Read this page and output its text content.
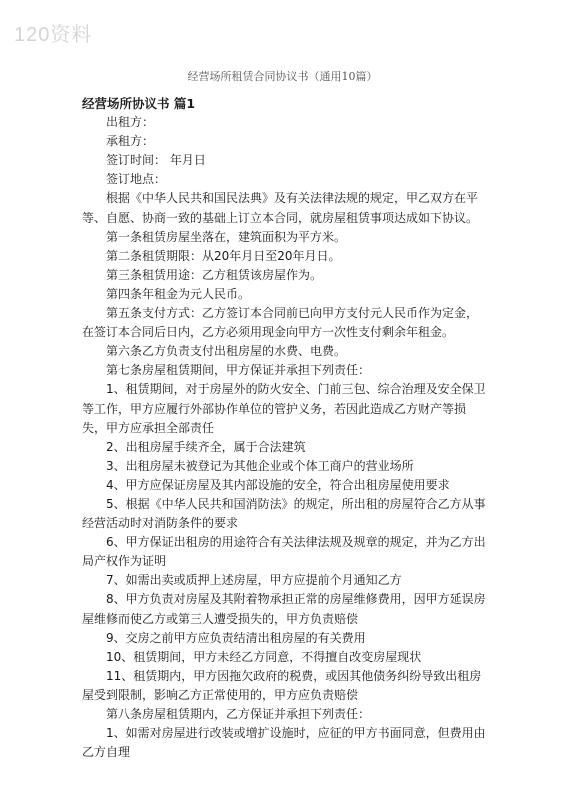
120资料
经营场所租赁合同协议书（通用10篇）

经营场所协议书 篇1

出租方：

承租方：

签订时间： 年月日

签订地点：

根据《中华人民共和国民法典》及有关法律法规的规定，甲乙双方在平等、自愿、协商一致的基础上订立本合同，就房屋租赁事项达成如下协议。

第一条租赁房屋坐落在，建筑面积为平方米。

第二条租赁期限：从20年月日至20年月日。

第三条租赁用途：乙方租赁该房屋作为。

第四条年租金为元人民币。

第五条支付方式：乙方签订本合同前已向甲方支付元人民币作为定金，在签订本合同后日内，乙方必须用现金向甲方一次性支付剩余年租金。

第六条乙方负责支付出租房屋的水费、电费。

第七条房屋租赁期间，甲方保证并承担下列责任：

1、租赁期间，对于房屋外的防火安全、门前三包、综合治理及安全保卫等工作，甲方应履行外部协作单位的管护义务，若因此造成乙方财产等损失，甲方应承担全部责任

2、出租房屋手续齐全，属于合法建筑

3、出租房屋未被登记为其他企业或个体工商户的营业场所

4、甲方应保证房屋及其内部设施的安全，符合出租房屋使用要求

5、根据《中华人民共和国消防法》的规定，所出租的房屋符合乙方从事经营活动时对消防条件的要求

6、甲方保证出租房的用途符合有关法律法规及规章的规定，并为乙方出局产权作为证明

7、如需出卖或质押上述房屋，甲方应提前个月通知乙方

8、甲方负责对房屋及其附着物承担正常的房屋维修费用，因甲方延误房屋维修而使乙方或第三人遭受损失的，甲方负责赔偿

9、交房之前甲方应负责结清出租房屋的有关费用

10、租赁期间，甲方未经乙方同意，不得擅自改变房屋现状

11、租赁期内，甲方因拖欠政府的税费，或因其他债务纠纷导致出租房屋受到限制，影响乙方正常使用的，甲方应负责赔偿

第八条房屋租赁期内，乙方保证并承担下列责任：

1、如需对房屋进行改装或增扩设施时，应征的甲方书面同意，但费用由乙方自理
